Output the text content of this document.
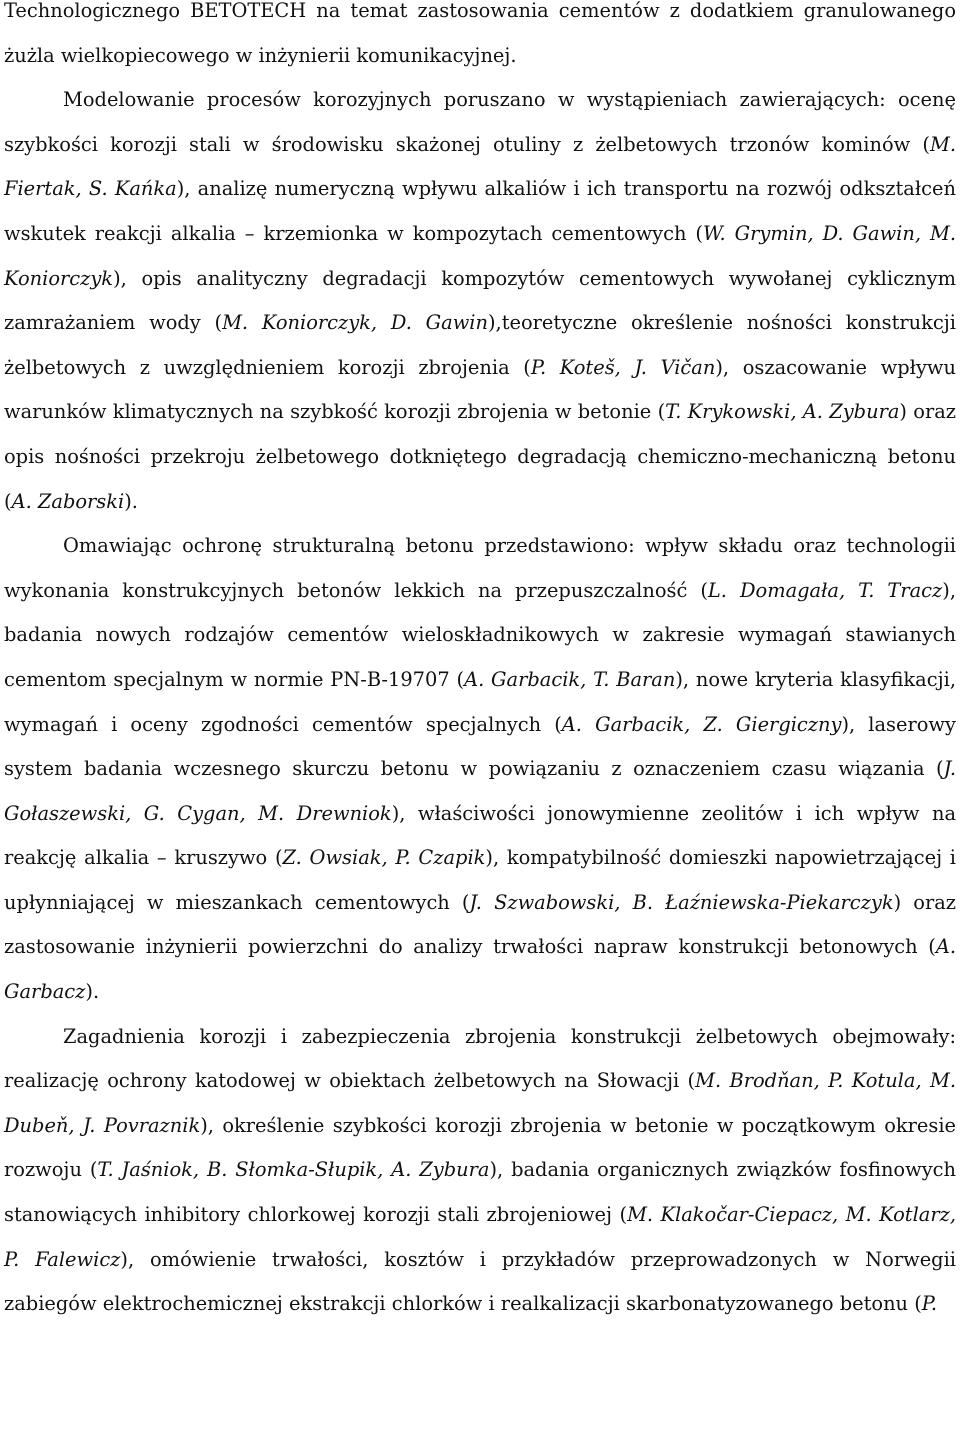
Technologicznego BETOTECH na temat zastosowania cementów z dodatkiem granulowanego żużla wielkopiecowego w inżynierii komunikacyjnej.

Modelowanie procesów korozyjnych poruszano w wystąpieniach zawierających: ocenę szybkości korozji stali w środowisku skażonej otuliny z żelbetowych trzonów kominów (M. Fiertak, S. Kańka), analizę numeryczną wpływu alkaliów i ich transportu na rozwój odkształceń wskutek reakcji alkalia – krzemionka w kompozytach cementowych (W. Grymin, D. Gawin, M. Koniorczyk), opis analityczny degradacji kompozytów cementowych wywołanej cyklicznym zamrażaniem wody (M. Koniorczyk, D. Gawin),teoretyczne określenie nośności konstrukcji żelbetowych z uwzględnieniem korozji zbrojenia (P. Koteš, J. Vičan), oszacowanie wpływu warunków klimatycznych na szybkość korozji zbrojenia w betonie (T. Krykowski, A. Zybura) oraz opis nośności przekroju żelbetowego dotkniętego degradacją chemiczno-mechaniczną betonu (A. Zaborski).

Omawiając ochronę strukturalną betonu przedstawiono: wpływ składu oraz technologii wykonania konstrukcyjnych betonów lekkich na przepuszczalność (L. Domagała, T. Tracz), badania nowych rodzajów cementów wieloskładnikowych w zakresie wymagań stawianych cementom specjalnym w normie PN-B-19707 (A. Garbacik, T. Baran), nowe kryteria klasyfikacji, wymagań i oceny zgodności cementów specjalnych (A. Garbacik, Z. Giergiczny), laserowy system badania wczesnego skurczu betonu w powiązaniu z oznaczeniem czasu wiązania (J. Gołaszewski, G. Cygan, M. Drewniok), właściwości jonowymienne zeolitów i ich wpływ na reakcję alkalia – kruszywo (Z. Owsiak, P. Czapik), kompatybilność domieszki napowietrzającej i upłynniającej w mieszankach cementowych (J. Szwabowski, B. Łaźniewska-Piekarczyk) oraz zastosowanie inżynierii powierzchni do analizy trwałości napraw konstrukcji betonowych (A. Garbacz).

Zagadnienia korozji i zabezpieczenia zbrojenia konstrukcji żelbetowych obejmowały: realizację ochrony katodowej w obiektach żelbetowych na Słowacji (M. Brodňan, P. Kotula, M. Dubeň, J. Povraznik), określenie szybkości korozji zbrojenia w betonie w początkowym okresie rozwoju (T. Jaśniok, B. Słomka-Słupik, A. Zybura), badania organicznych związków fosfinowych stanowiących inhibitory chlorkowej korozji stali zbrojeniowej (M. Klakočar-Ciepacz, M. Kotlarz, P. Falewicz), omówienie trwałości, kosztów i przykładów przeprowadzonych w Norwegii zabiegów elektrochemicznej ekstrakcji chlorków i realkalizacji skarbonatyzowanego betonu (P.
